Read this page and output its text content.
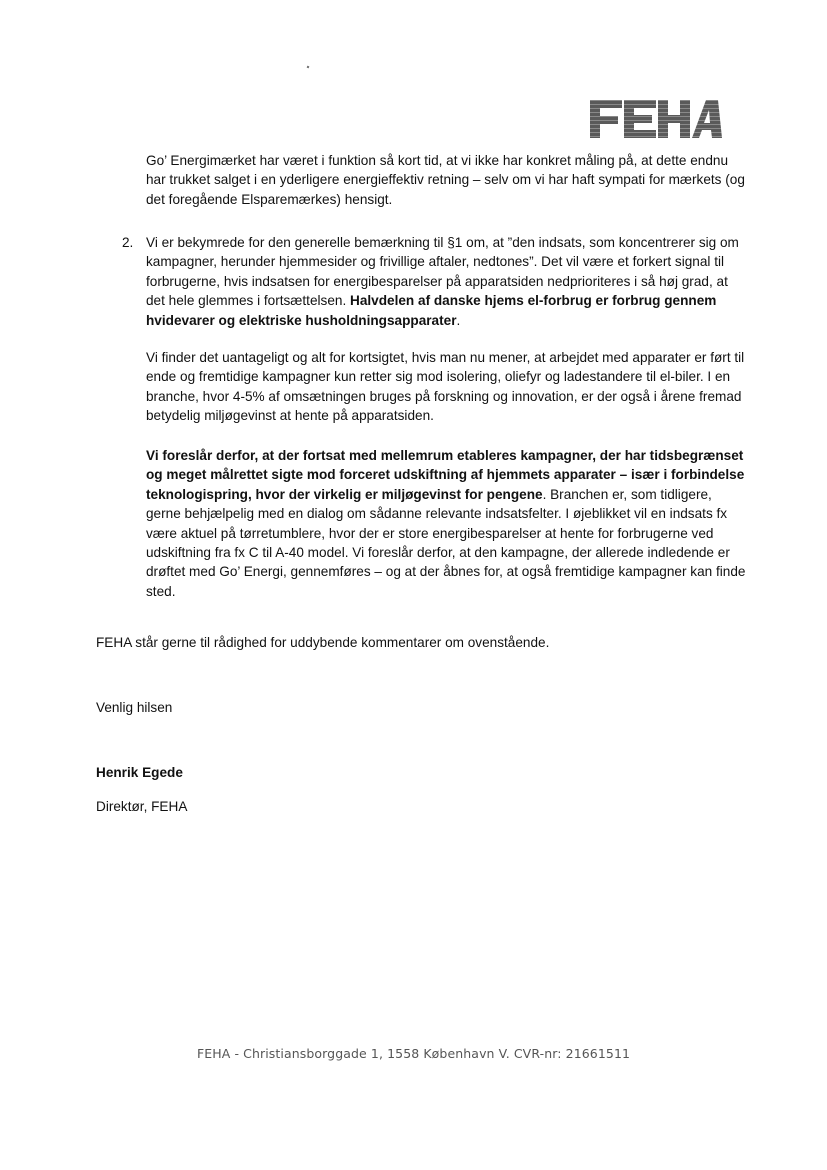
Go’ Energimærket har været i funktion så kort tid, at vi ikke har konkret måling på, at dette endnu har trukket salget i en yderligere energieffektiv retning – selv om vi har haft sympati for mærkets (og det foregående Elsparemærkes) hensigt.

2. Vi er bekymrede for den generelle bemærkning til §1 om, at ”den indsats, som koncentrerer sig om kampagner, herunder hjemmesider og frivillige aftaler, nedtones”. Det vil være et forkert signal til forbrugerne, hvis indsatsen for energibesparelser på apparatsiden nedprioriteres i så høj grad, at det hele glemmes i fortsættelsen. Halvdelen af danske hjems el-forbrug er forbrug gennem hvidevarer og elektriske husholdningsapparater.

Vi finder det uantageligt og alt for kortsigtet, hvis man nu mener, at arbejdet med apparater er ført til ende og fremtidige kampagner kun retter sig mod isolering, oliefyr og ladestandere til el-biler. I en branche, hvor 4-5% af omsætningen bruges på forskning og innovation, er der også i årene fremad betydelig miljøgevinst at hente på apparatsiden.

Vi foreslår derfor, at der fortsat med mellemrum etableres kampagner, der har tidsbegrænset og meget målrettet sigte mod forceret udskiftning af hjemmets apparater – især i forbindelse teknologispring, hvor der virkelig er miljøgevinst for pengene. Branchen er, som tidligere, gerne behjælpelig med en dialog om sådanne relevante indsatsfelter. I øjeblikket vil en indsats fx være aktuel på tørretumblere, hvor der er store energibesparelser at hente for forbrugerne ved udskiftning fra fx C til A-40 model. Vi foreslår derfor, at den kampagne, der allerede indledende er drøftet med Go’ Energi, gennemføres – og at der åbnes for, at også fremtidige kampagner kan finde sted.

FEHA står gerne til rådighed for uddybende kommentarer om ovenstående.

Venlig hilsen

Henrik Egede

Direktør, FEHA

FEHA - Christiansborggade 1, 1558 København V. CVR-nr: 21661511
